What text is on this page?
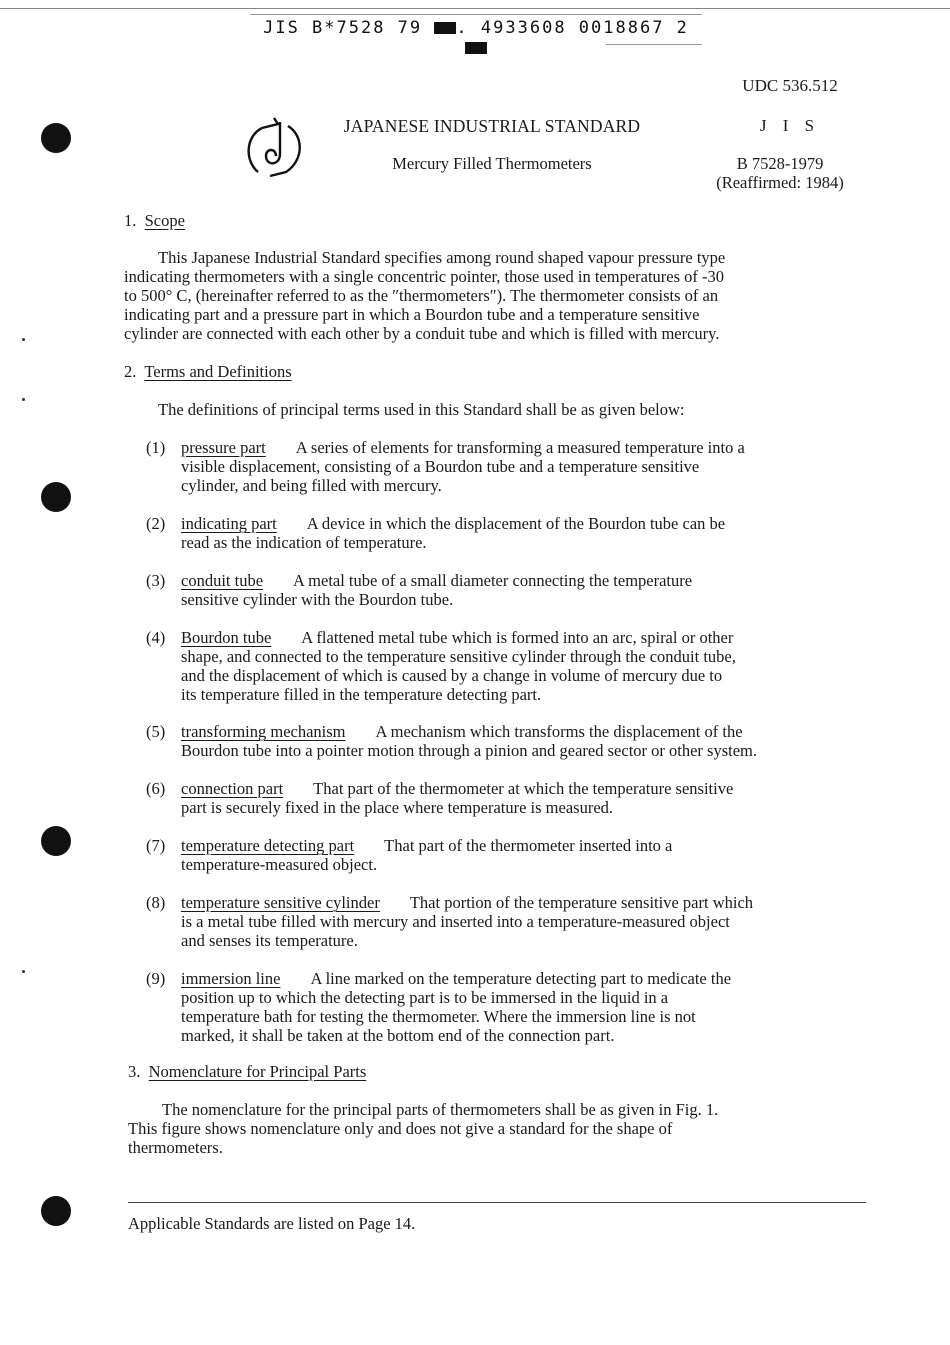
JIS B*7528 79 . 4933608 0018867 2
JAPANESE INDUSTRIAL STANDARD
Mercury Filled Thermometers
UDC 536.512
J I S
B 7528-1979
(Reaffirmed: 1984)
1. Scope
This Japanese Industrial Standard specifies among round shaped vapour pressure type
indicating thermometers with a single concentric pointer, those used in temperatures of -30
to 500° C, (hereinafter referred to as the ″thermometers″). The thermometer consists of an
indicating part and a pressure part in which a Bourdon tube and a temperature sensitive
cylinder are connected with each other by a conduit tube and which is filled with mercury.
2. Terms and Definitions
The definitions of principal terms used in this Standard shall be as given below:
(1) pressure part A series of elements for transforming a measured temperature into a
visible displacement, consisting of a Bourdon tube and a temperature sensitive
cylinder, and being filled with mercury.
(2) indicating part A device in which the displacement of the Bourdon tube can be
read as the indication of temperature.
(3) conduit tube A metal tube of a small diameter connecting the temperature
sensitive cylinder with the Bourdon tube.
(4) Bourdon tube A flattened metal tube which is formed into an arc, spiral or other
shape, and connected to the temperature sensitive cylinder through the conduit tube,
and the displacement of which is caused by a change in volume of mercury due to
its temperature filled in the temperature detecting part.
(5) transforming mechanism A mechanism which transforms the displacement of the
Bourdon tube into a pointer motion through a pinion and geared sector or other system.
(6) connection part That part of the thermometer at which the temperature sensitive
part is securely fixed in the place where temperature is measured.
(7) temperature detecting part That part of the thermometer inserted into a
temperature-measured object.
(8) temperature sensitive cylinder That portion of the temperature sensitive part which
is a metal tube filled with mercury and inserted into a temperature-measured object
and senses its temperature.
(9) immersion line A line marked on the temperature detecting part to medicate the
position up to which the detecting part is to be immersed in the liquid in a
temperature bath for testing the thermometer. Where the immersion line is not
marked, it shall be taken at the bottom end of the connection part.
3. Nomenclature for Principal Parts
The nomenclature for the principal parts of thermometers shall be as given in Fig. 1.
This figure shows nomenclature only and does not give a standard for the shape of
thermometers.
Applicable Standards are listed on Page 14.
